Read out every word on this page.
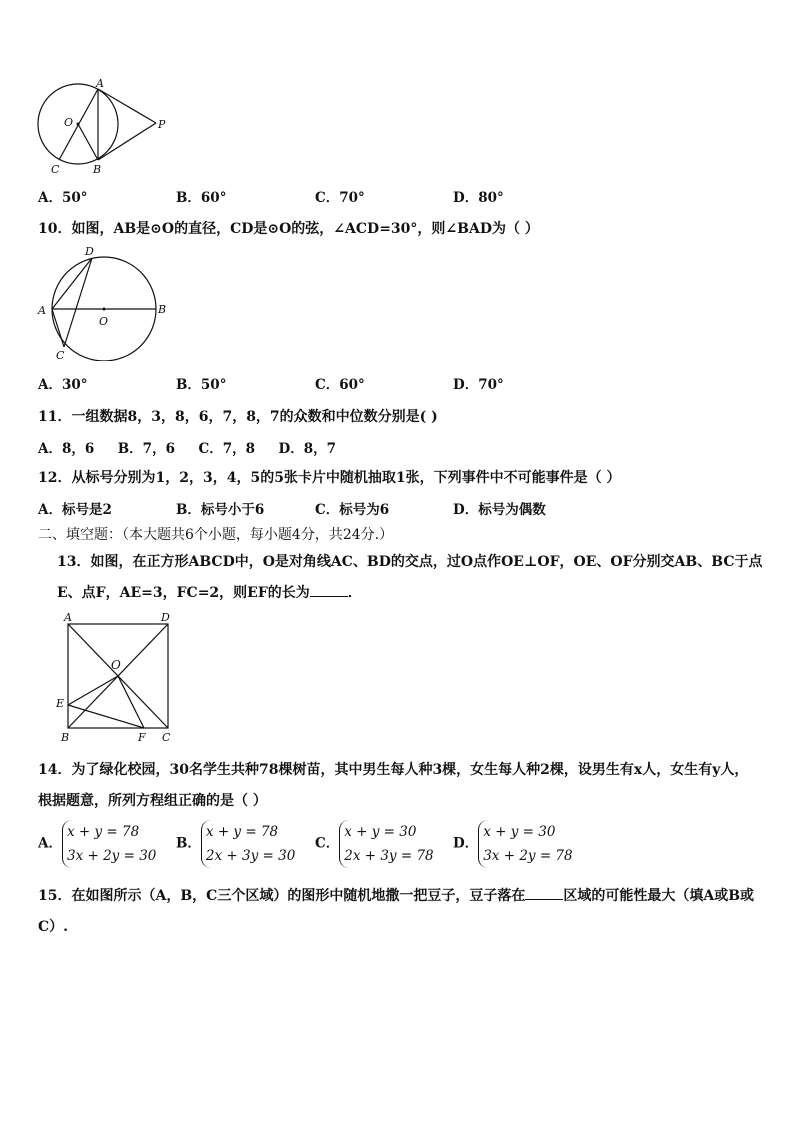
A
O	P
C	B
A．50°	B．60°	C．70°	D．80°
10．如图，AB是⊙O的直径，CD是⊙O的弦，∠ACD=30°，则∠BAD为（ ）
D
A
O
B
C
A．30°	B．50°	C．60°	D．70°
11．一组数据8，3，8，6，7，8，7的众数和中位数分别是( )
A．8，6     B．7，6     C．7，8     D．8，7
12．从标号分别为1，2，3，4，5的5张卡片中随机抽取1张，下列事件中不可能事件是（ ）
A．标号是2	B．标号小于6	C．标号为6	D．标号为偶数
二、填空题：（本大题共6个小题，每小题4分，共24分.）
13．如图，在正方形ABCD中，O是对角线AC、BD的交点，过O点作OE⊥OF，OE、OF分别交AB、BC于点
E、点F，AE=3，FC=2，则EF的长为	．
A	D
O
E
B	F C
14．为了绿化校园，30名学生共种78棵树苗，其中男生每人种3棵，女生每人种2棵，设男生有x人，女生有y人，
根据题意，所列方程组正确的是（ ）
A．
x + y = 78
3x + 2y = 30
B．
x + y = 78
2x + 3y = 30
C．
x + y = 30
2x + 3y = 78
D．
x + y = 30
3x + 2y = 78
15．在如图所示（A，B，C三个区域）的图形中随机地撒一把豆子，豆子落在	区域的可能性最大（填A或B或
C）.
